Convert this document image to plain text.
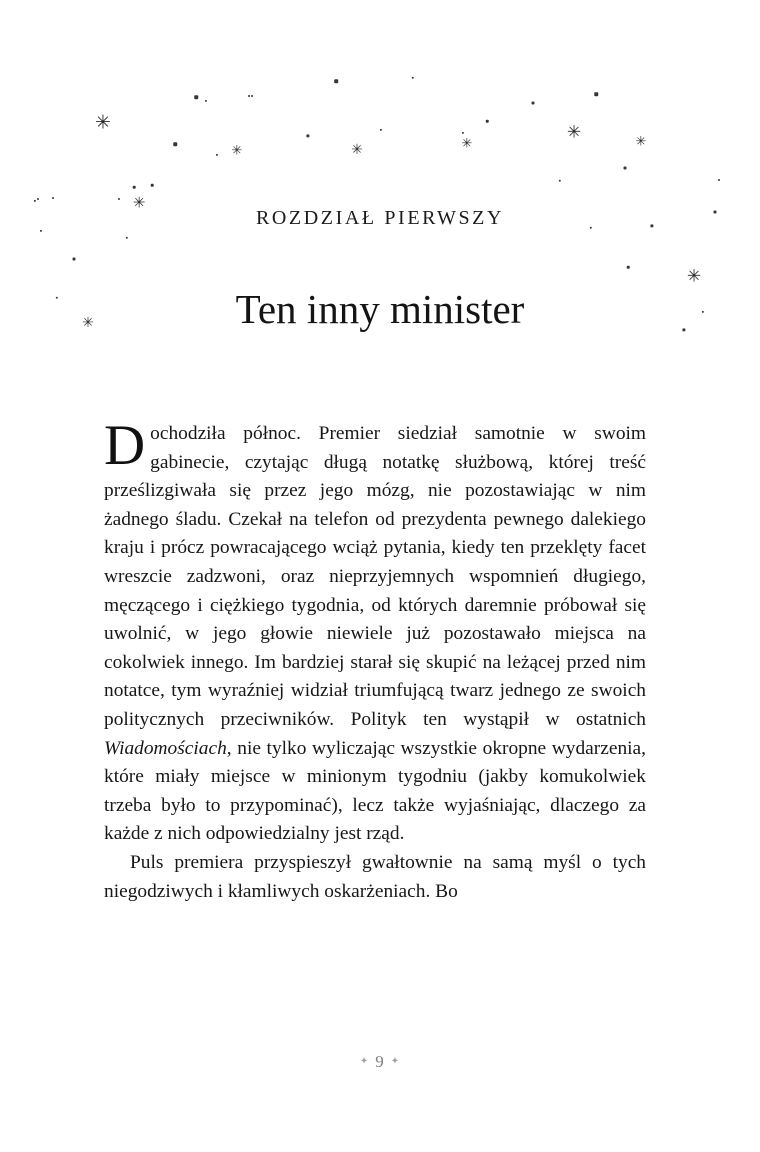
✳
✳
✳
✳	✳	✳
✳	✳
✳
ROZDZIAŁ PIERWSZY
Ten inny minister

Dochodziła północ. Premier siedział samotnie w swoim gabinecie, czytając długą notatkę służbową, której treść prześlizgiwała się przez jego mózg, nie pozostawiając w nim żadnego śladu. Czekał na telefon od prezydenta pewnego dalekiego kraju i prócz powracającego wciąż pytania, kiedy ten przeklęty facet wreszcie zadzwoni, oraz nieprzyjemnych wspomnień długiego, męczącego i ciężkiego tygodnia, od których daremnie próbował się uwolnić, w jego głowie niewiele już pozostawało miejsca na cokolwiek innego. Im bardziej starał się skupić na leżącej przed nim notatce, tym wyraźniej widział triumfującą twarz jednego ze swoich politycznych przeciwników. Polityk ten wystąpił w ostatnich Wiadomościach, nie tylko wyliczając wszystkie okropne wydarzenia, które miały miejsce w minionym tygodniu (jakby komukolwiek trzeba było to przypominać), lecz także wyjaśniając, dlaczego za każde z nich odpowiedzialny jest rząd.

Puls premiera przyspieszył gwałtownie na samą myśl o tych niegodziwych i kłamliwych oskarżeniach. Bo

✦ 9 ✦
